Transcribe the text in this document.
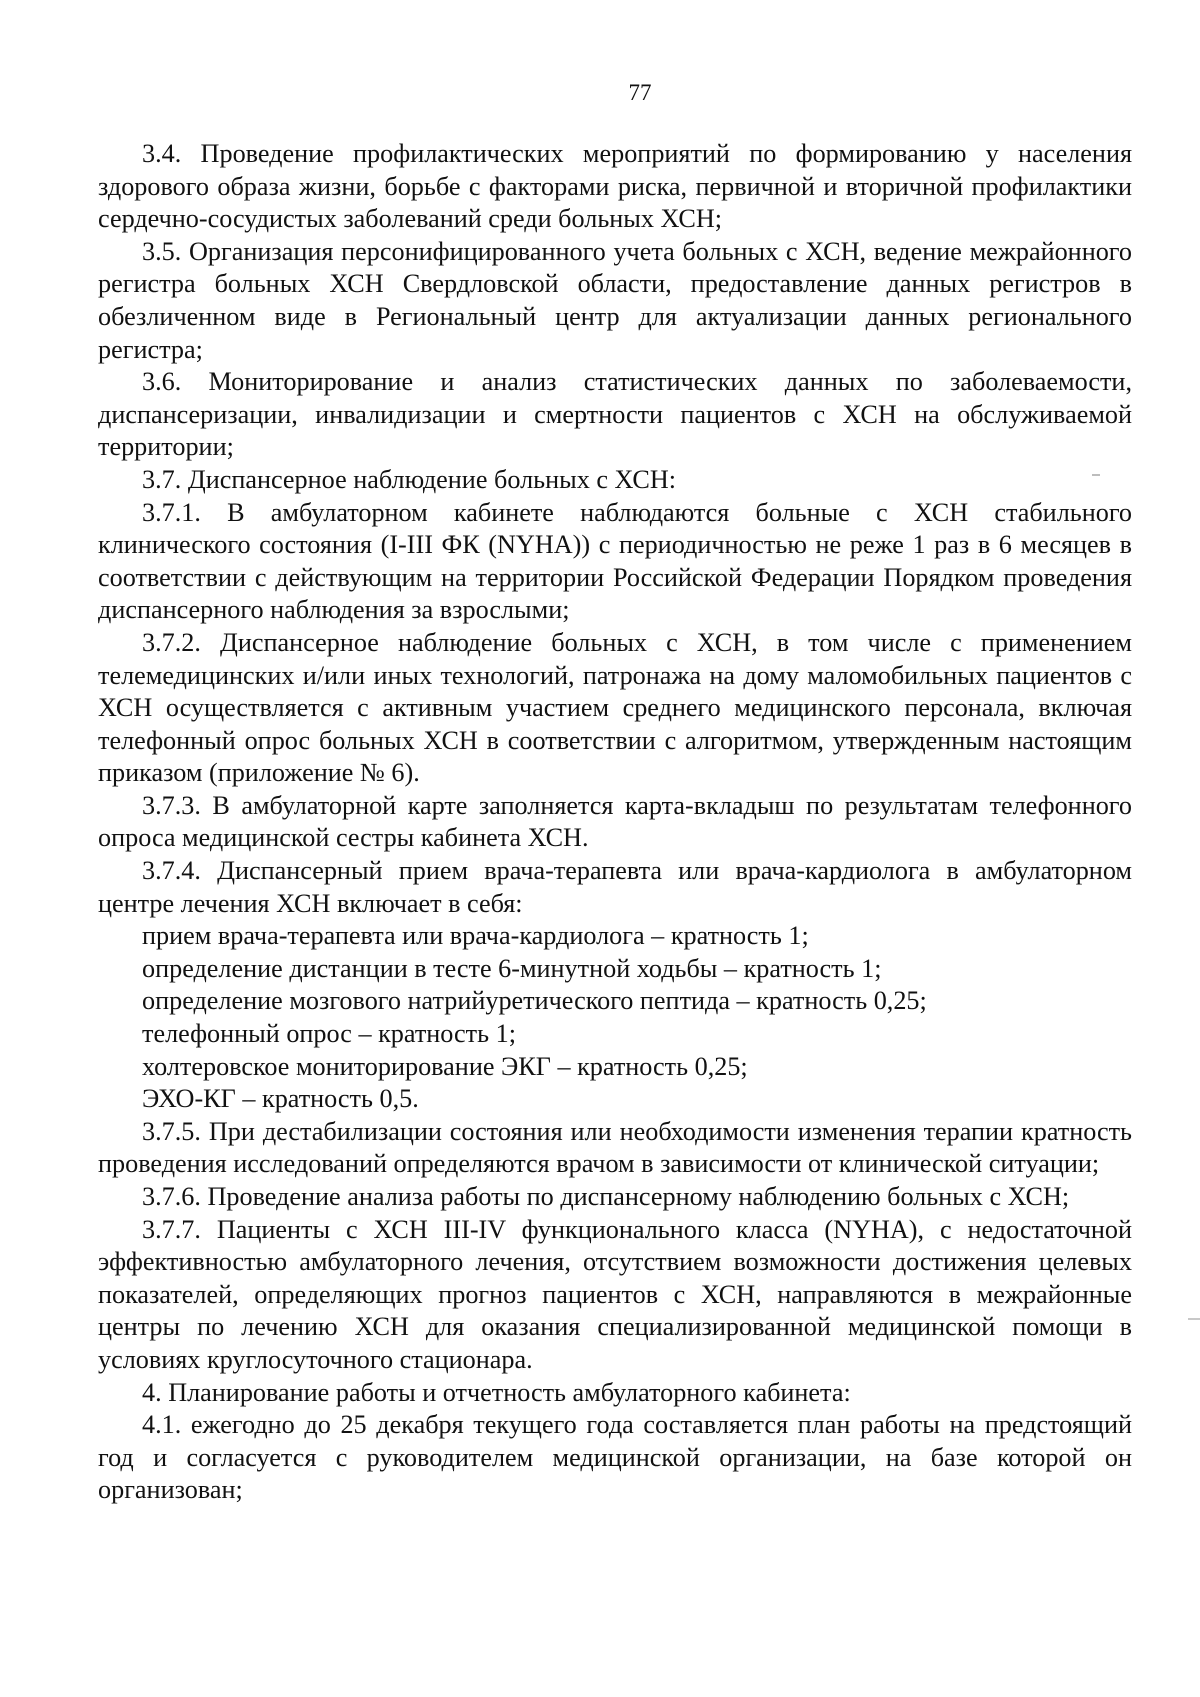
77

3.4. Проведение профилактических мероприятий по формированию у населения здорового образа жизни, борьбе с факторами риска, первичной и вторичной профилактики сердечно-сосудистых заболеваний среди больных ХСН;

3.5. Организация персонифицированного учета больных с ХСН, ведение межрайонного регистра больных ХСН Свердловской области, предоставление данных регистров в обезличенном виде в Региональный центр для актуализации данных регионального регистра;

3.6. Мониторирование и анализ статистических данных по заболеваемости, диспансеризации, инвалидизации и смертности пациентов с ХСН на обслуживаемой территории;

3.7. Диспансерное наблюдение больных с ХСН:

3.7.1. В амбулаторном кабинете наблюдаются больные с ХСН стабильного клинического состояния (I-III ФК (NYHA)) с периодичностью не реже 1 раз в 6 месяцев в соответствии с действующим на территории Российской Федерации Порядком проведения диспансерного наблюдения за взрослыми;

3.7.2. Диспансерное наблюдение больных с ХСН, в том числе с применением телемедицинских и/или иных технологий, патронажа на дому маломобильных пациентов с ХСН осуществляется с активным участием среднего медицинского персонала, включая телефонный опрос больных ХСН в соответствии с алгоритмом, утвержденным настоящим приказом (приложение № 6).

3.7.3. В амбулаторной карте заполняется карта-вкладыш по результатам телефонного опроса медицинской сестры кабинета ХСН.

3.7.4. Диспансерный прием врача-терапевта или врача-кардиолога в амбулаторном центре лечения ХСН включает в себя:

прием врача-терапевта или врача-кардиолога – кратность 1;

определение дистанции в тесте 6-минутной ходьбы – кратность 1;

определение мозгового натрийуретического пептида – кратность 0,25;

телефонный опрос – кратность 1;

холтеровское мониторирование ЭКГ – кратность 0,25;

ЭХО-КГ – кратность 0,5.

3.7.5. При дестабилизации состояния или необходимости изменения терапии кратность проведения исследований определяются врачом в зависимости от клинической ситуации;

3.7.6. Проведение анализа работы по диспансерному наблюдению больных с ХСН;

3.7.7. Пациенты с ХСН III-IV функционального класса (NYHA), с недостаточной эффективностью амбулаторного лечения, отсутствием возможности достижения целевых показателей, определяющих прогноз пациентов с ХСН, направляются в межрайонные центры по лечению ХСН для оказания специализированной медицинской помощи в условиях круглосуточного стационара.

4. Планирование работы и отчетность амбулаторного кабинета:

4.1. ежегодно до 25 декабря текущего года составляется план работы на предстоящий год и согласуется с руководителем медицинской организации, на базе которой он организован;
